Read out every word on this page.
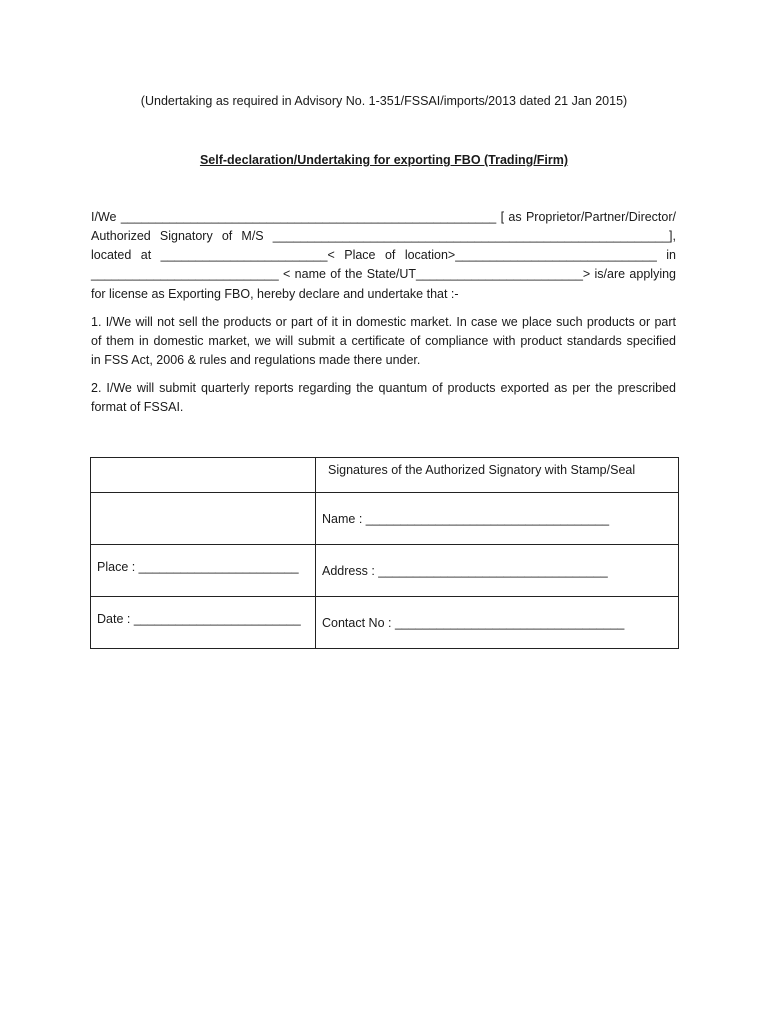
(Undertaking as required in Advisory No. 1-351/FSSAI/imports/2013 dated 21 Jan 2015)
Self-declaration/Undertaking for exporting FBO (Trading/Firm)
I/We ______________________________________________________ [ as Proprietor/Partner/Director/
Authorized Signatory of M/S _________________________________________________________],
located at ________________________< Place of location>_____________________________ in
___________________________ < name of the State/UT________________________> is/are applying
for license as Exporting FBO, hereby declare and undertake that :-
1. I/We will not sell the products or part of it in domestic market. In case we place such products or part
of them in domestic market, we will submit a certificate of compliance with product standards specified
in FSS Act, 2006 & rules and regulations made there under.
2. I/We will submit quarterly reports regarding the quantum of products exported as per the prescribed
format of FSSAI.

	Signatures of the Authorized Signatory with Stamp/Seal

	Name : ___________________________________

Place : _______________________	Address : _________________________________

Date : ________________________	Contact No : _________________________________
